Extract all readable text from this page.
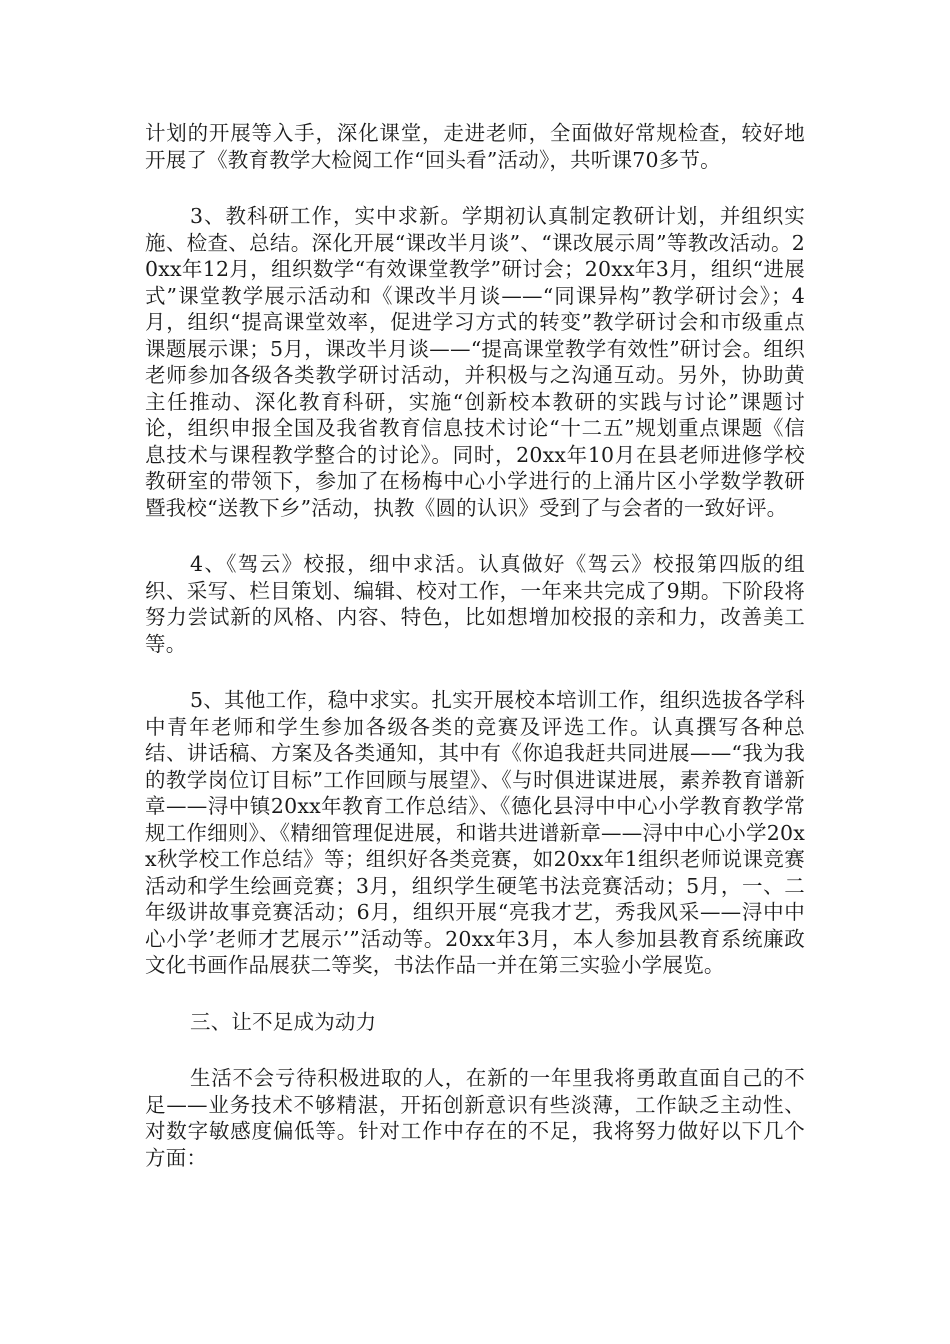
计划的开展等入手，深化课堂，走进老师，全面做好常规检查，较好地开展了《教育教学大检阅工作“回头看”活动》，共听课70多节。

3、教科研工作，实中求新。学期初认真制定教研计划，并组织实施、检查、总结。深化开展“课改半月谈”、“课改展示周”等教改活动。20xx年12月，组织数学“有效课堂教学”研讨会；20xx年3月，组织“进展式”课堂教学展示活动和《课改半月谈——“同课异构”教学研讨会》；4月，组织“提高课堂效率，促进学习方式的转变”教学研讨会和市级重点课题展示课；5月，课改半月谈——“提高课堂教学有效性”研讨会。组织老师参加各级各类教学研讨活动，并积极与之沟通互动。另外，协助黄主任推动、深化教育科研，实施“创新校本教研的实践与讨论”课题讨论，组织申报全国及我省教育信息技术讨论“十二五”规划重点课题《信息技术与课程教学整合的讨论》。同时，20xx年10月在县老师进修学校教研室的带领下，参加了在杨梅中心小学进行的上涌片区小学数学教研暨我校“送教下乡”活动，执教《圆的认识》受到了与会者的一致好评。

4、《驾云》校报，细中求活。认真做好《驾云》校报第四版的组织、采写、栏目策划、编辑、校对工作，一年来共完成了9期。下阶段将努力尝试新的风格、内容、特色，比如想增加校报的亲和力，改善美工等。

5、其他工作，稳中求实。扎实开展校本培训工作，组织选拔各学科中青年老师和学生参加各级各类的竞赛及评选工作。认真撰写各种总结、讲话稿、方案及各类通知，其中有《你追我赶共同进展——“我为我的教学岗位订目标”工作回顾与展望》、《与时俱进谋进展，素养教育谱新章——浔中镇20xx年教育工作总结》、《德化县浔中中心小学教育教学常规工作细则》、《精细管理促进展，和谐共进谱新章——浔中中心小学20xx秋学校工作总结》等；组织好各类竞赛，如20xx年1组织老师说课竞赛活动和学生绘画竞赛；3月，组织学生硬笔书法竞赛活动；5月，一、二年级讲故事竞赛活动；6月，组织开展“亮我才艺，秀我风采——浔中中心小学’老师才艺展示’”活动等。20xx年3月，本人参加县教育系统廉政文化书画作品展获二等奖，书法作品一并在第三实验小学展览。

三、让不足成为动力

生活不会亏待积极进取的人，在新的一年里我将勇敢直面自己的不足——业务技术不够精湛，开拓创新意识有些淡薄，工作缺乏主动性、对数字敏感度偏低等。针对工作中存在的不足，我将努力做好以下几个方面：
